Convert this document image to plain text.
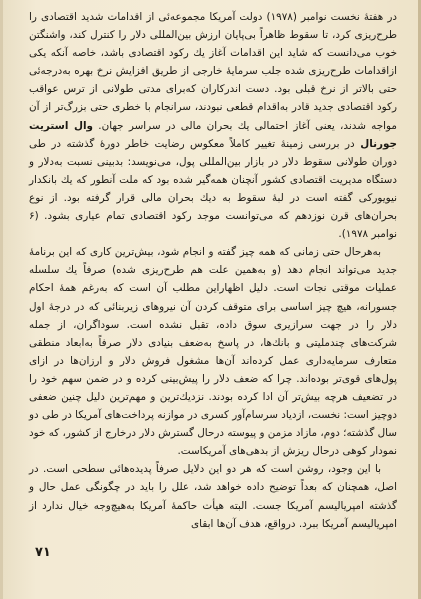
در هفتهٔ نخست نوامبر (۱۹۷۸) دولت آمریکا مجموعه‌ئی از اقدامات شدید اقتصادی را طرح‌ریزی کرد، تا سقوط ظاهراً بی‌پایان ارزش بین‌المللی دلار را کنترل کند، واشنگتن خوب می‌دانست که شاید این اقدامات آغاز یك رکود اقتصادی باشد، خاصه آنکه یکی ازاقدامات طرح‌ریزی شده جلب سرمایهٔ خارجی از طریق افزایش نرخ بهره به‌درجه‌ئی حتی بالاتر از نرخ قبلی بود. دست اندرکاران که‌برای مدتی طولانی از ترس عواقب رکود اقتصادی جدید قادر به‌اقدام قطعی نبودند، سرانجام با خطری حتی بزرگ‌تر از آن مواجه شدند، یعنی آغاز احتمالی یك بحران مالی در سراسر جهان. وال استریت جورنال در بررسی زمینهٔ تغییر کاملاً معکوس رضایت خاطر دورهٔ گذشته در طی دوران طولانی سقوط دلار در بازار بین‌المللی پول، می‌نویسد: بدبینی نسبت به‌دلار و دستگاه مدیریت اقتصادی کشور آنچنان همه‌گیر شده بود که ملت آنطور که یك بانکدار نیویورکی گفته است در لبهٔ سقوط به‌ دیك بحران مالی قرار گرفته بود. از نوع بحران‌های قرن نوزدهم که می‌توانست موجد رکود اقتصادی تمام عیاری بشود‌. (۶ نوامبر ۱۹۷۸).

به‌هرحال حتی زمانی که همه چیز گفته و انجام شود، بیش‌ترین کاری که این برنامهٔ جدید می‌تواند انجام دهد (و به‌همین علت هم طرح‌ریزی شده) صرفاً یك سلسله عملیات موقتی نجات است. دلیل اظهاراین مطلب آن است که به‌رغم همهٔ احکام جسورانه، هیچ چیز اساسی برای متوقف کردن آن نیروهای زیربنائی که در درجهٔ اول دلار را در جهت سرازیری سوق داده، تقبل نشده است. سوداگران، از جمله شرکت‌های چندملیتی و بانك‌ها، در پاسخ به‌ضعف بنیادی دلار صرفاً به‌ابعاد منطقی متعارف سرمایه‌داری عمل کرده‌اند آن‌ها مشغول فروش دلار و ارزان‌ها در ازای پول‌های قوی‌تر بوده‌اند. چرا که ضعف دلار را پیش‌بینی کرده و در ضمن سهم خود را در تضعیف هرچه بیش‌تر آن ادا کرده بودند. نزدیك‌ترین و مهم‌ترین دلیل چنین ضعفی دوچیز است: نخست، ازدیاد سرسام‌آور کسری در موازنه پرداخت‌های آمریکا در طی دو سال گذشته؛ دوم، مازاد مزمن و پیوسته درحال گسترش دلار درخارج از کشور، که خود نمودار کوهی درحال ریزش از بدهی‌های آمریکاست.

با این وجود، روشن است که هر دو این دلایل صرفاً پدیده‌هائی سطحی است. در اصل، همچنان که بعداً توضیح داده خواهد شد، علل را باید در چگونگی عمل حال و گذشته امپریالیسم آمریکا جست. البته هیأت حاکمهٔ آمریکا به‌هیچ‌وجه خیال ندارد از امپریالیسم آمریکا ببرد. درواقع، هدف آن‌ها ابقای

۷۱
